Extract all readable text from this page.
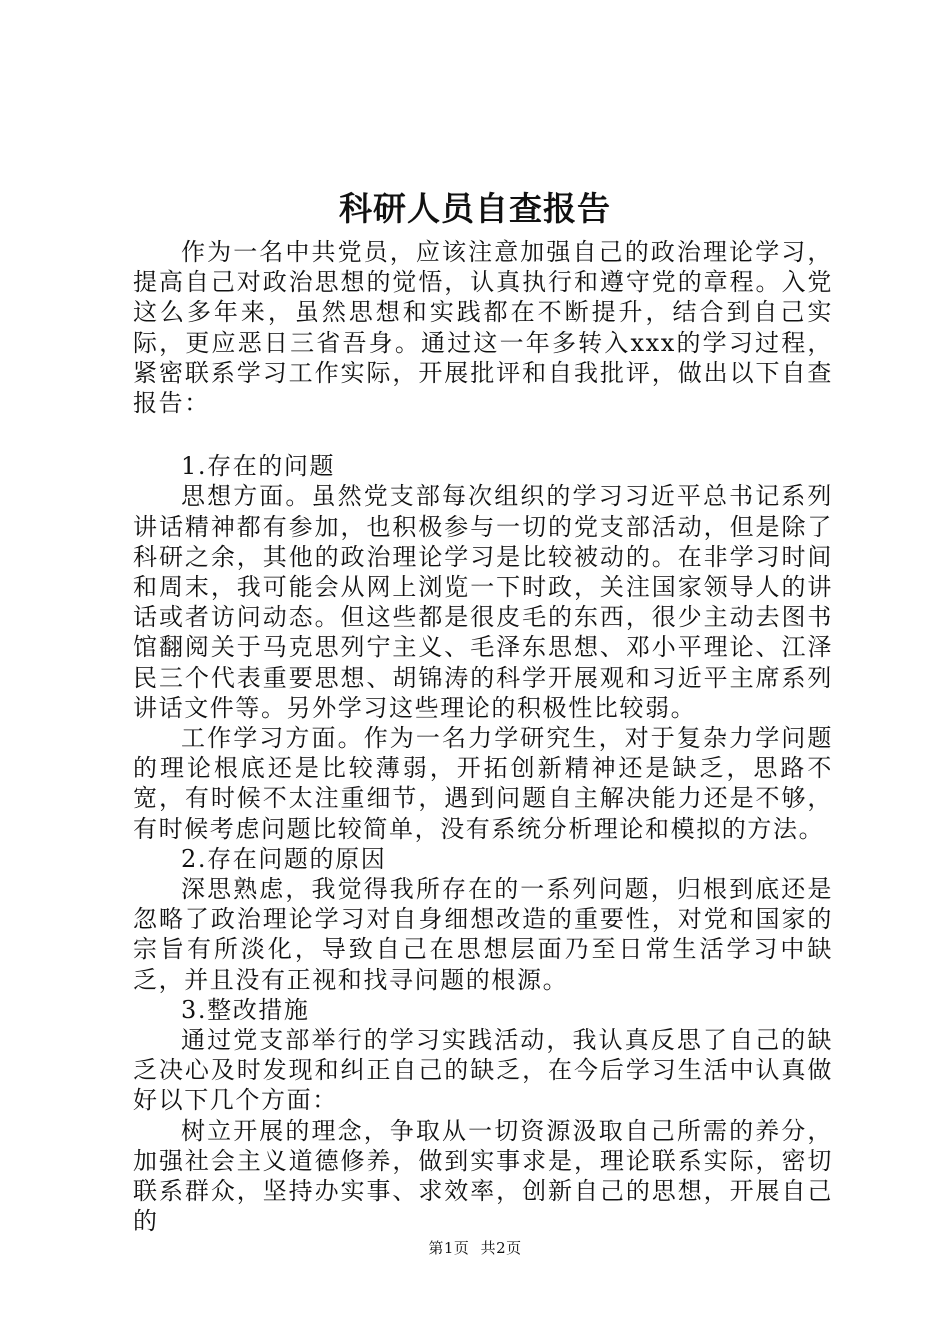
科研人员自查报告

作为一名中共党员，应该注意加强自己的政治理论学习，提高自己对政治思想的觉悟，认真执行和遵守党的章程。入党这么多年来，虽然思想和实践都在不断提升，结合到自己实际，更应恶日三省吾身。通过这一年多转入xxx的学习过程，紧密联系学习工作实际，开展批评和自我批评，做出以下自查报告：

1.存在的问题

思想方面。虽然党支部每次组织的学习习近平总书记系列讲话精神都有参加，也积极参与一切的党支部活动，但是除了科研之余，其他的政治理论学习是比较被动的。在非学习时间和周末，我可能会从网上浏览一下时政，关注国家领导人的讲话或者访问动态。但这些都是很皮毛的东西，很少主动去图书馆翻阅关于马克思列宁主义、毛泽东思想、邓小平理论、江泽民三个代表重要思想、胡锦涛的科学开展观和习近平主席系列讲话文件等。另外学习这些理论的积极性比较弱。

工作学习方面。作为一名力学研究生，对于复杂力学问题的理论根底还是比较薄弱，开拓创新精神还是缺乏，思路不宽，有时候不太注重细节，遇到问题自主解决能力还是不够，有时候考虑问题比较简单，没有系统分析理论和模拟的方法。

2.存在问题的原因

深思熟虑，我觉得我所存在的一系列问题，归根到底还是忽略了政治理论学习对自身细想改造的重要性，对党和国家的宗旨有所淡化，导致自己在思想层面乃至日常生活学习中缺乏，并且没有正视和找寻问题的根源。

3.整改措施

通过党支部举行的学习实践活动，我认真反思了自己的缺乏决心及时发现和纠正自己的缺乏，在今后学习生活中认真做好以下几个方面：

树立开展的理念，争取从一切资源汲取自己所需的养分，加强社会主义道德修养，做到实事求是，理论联系实际，密切联系群众，坚持办实事、求效率，创新自己的思想，开展自己的

第1页 共2页
